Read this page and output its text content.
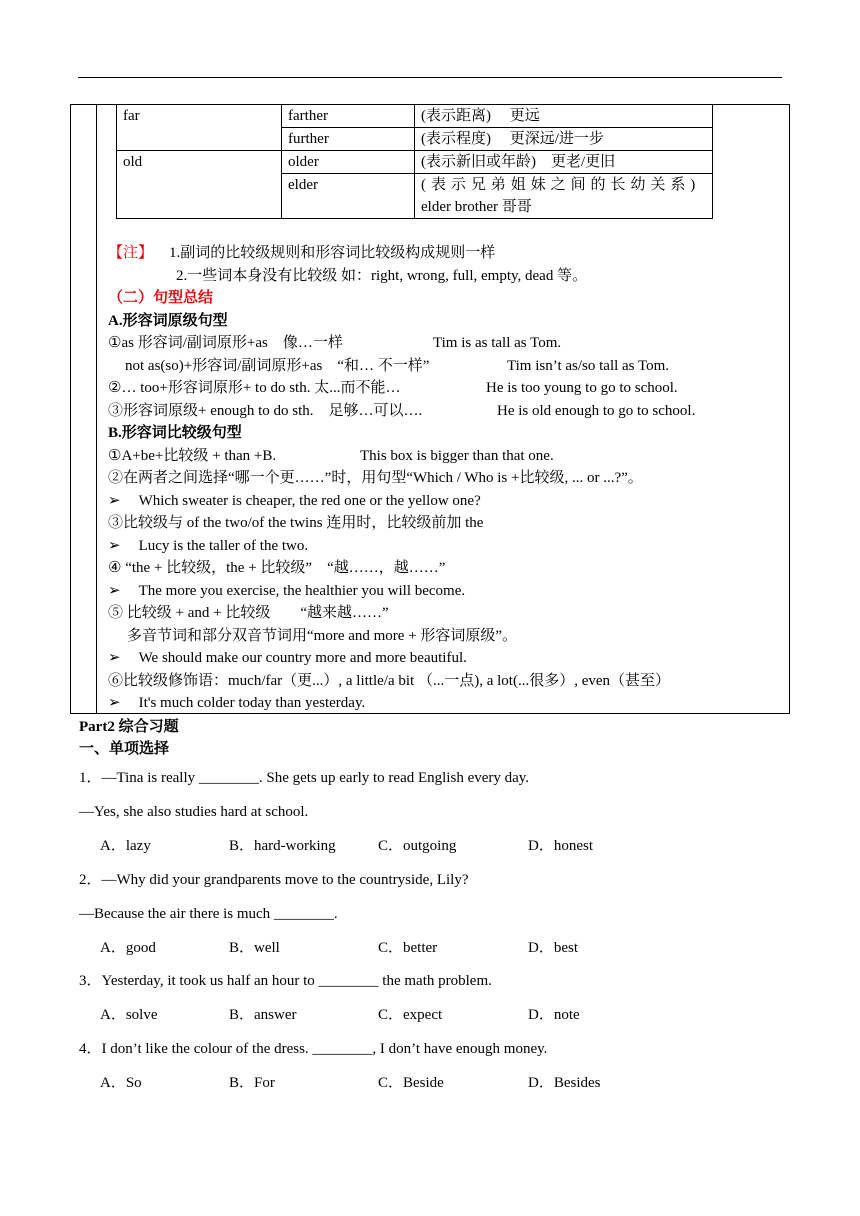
far	farther	(表示距离)　 更远
	further	(表示程度)　 更深远/进一步
old	older	(表示新旧或年龄)　更老/更旧
	elder	( 表 示 兄 弟 姐 妹 之 间 的 长 幼 关 系 )
elder brother 哥哥
【注】 1.副词的比较级规则和形容词比较级构成规则一样
2.一些词本身没有比较级 如：right, wrong, full, empty, dead 等。
（二）句型总结
A.形容词原级句型
①as 形容词/副词原形+as　像…一样	Tim is as tall as Tom.
not as(so)+形容词/副词原形+as　“和… 不一样”	Tim isn’t as/so tall as Tom.
②… too+形容词原形+ to do sth. 太...而不能…	He is too young to go to school.
③形容词原级+ enough to do sth.　足够…可以….	He is old enough to go to school.
B.形容词比较级句型
①A+be+比较级 + than +B.	This box is bigger than that one.
②在两者之间选择“哪一个更……”时，用句型“Which / Who is +比较级, ... or ...?”。
➢ Which sweater is cheaper, the red one or the yellow one?
③比较级与 of the two/of the twins 连用时，比较级前加 the
➢ Lucy is the taller of the two.
④ “the + 比较级，the + 比较级”　“越……，越……”
➢ The more you exercise, the healthier you will become.
⑤ 比较级 + and + 比较级　　“越来越……”
多音节词和部分双音节词用“more and more + 形容词原级”。
➢ We should make our country more and more beautiful.
⑥比较级修饰语：much/far（更...）, a little/a bit （...一点), a lot(...很多）, even（甚至）
➢ It's much colder today than yesterday.
Part2 综合习题
一、单项选择
1．—Tina is really ________. She gets up early to read English every day.
—Yes, she also studies hard at school.
A．lazy	B．hard-working	C．outgoing	D．honest
2．—Why did your grandparents move to the countryside, Lily?
—Because the air there is much ________.
A．good	B．well	C．better	D．best
3．Yesterday, it took us half an hour to ________ the math problem.
A．solve	B．answer	C．expect	D．note
4．I don’t like the colour of the dress. ________, I don’t have enough money.
A．So	B．For	C．Beside	D．Besides
